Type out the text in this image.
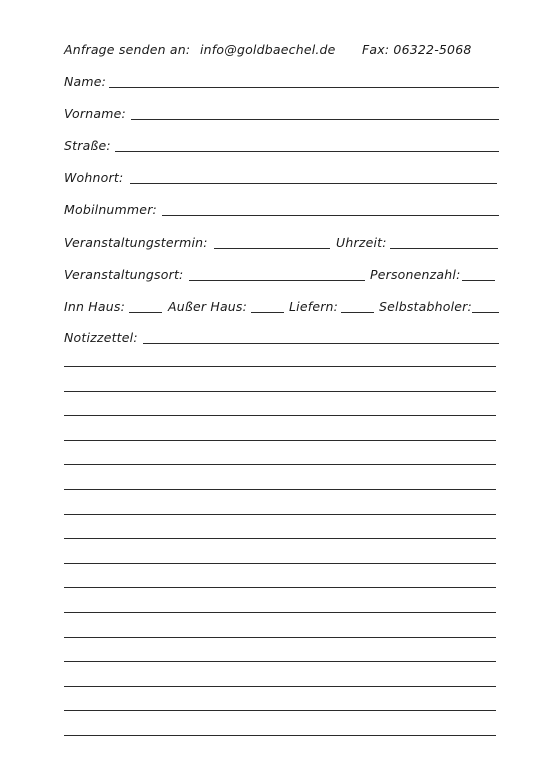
Anfrage senden an: info@goldbaechel.de Fax: 06322-5068
Name:
Vorname:
Straße:
Wohnort:
Mobilnummer:
Veranstaltungstermin:	Uhrzeit:
Veranstaltungsort:	Personenzahl:
Inn Haus:	Außer Haus:	Liefern:	Selbstabholer:
Notizzettel:
